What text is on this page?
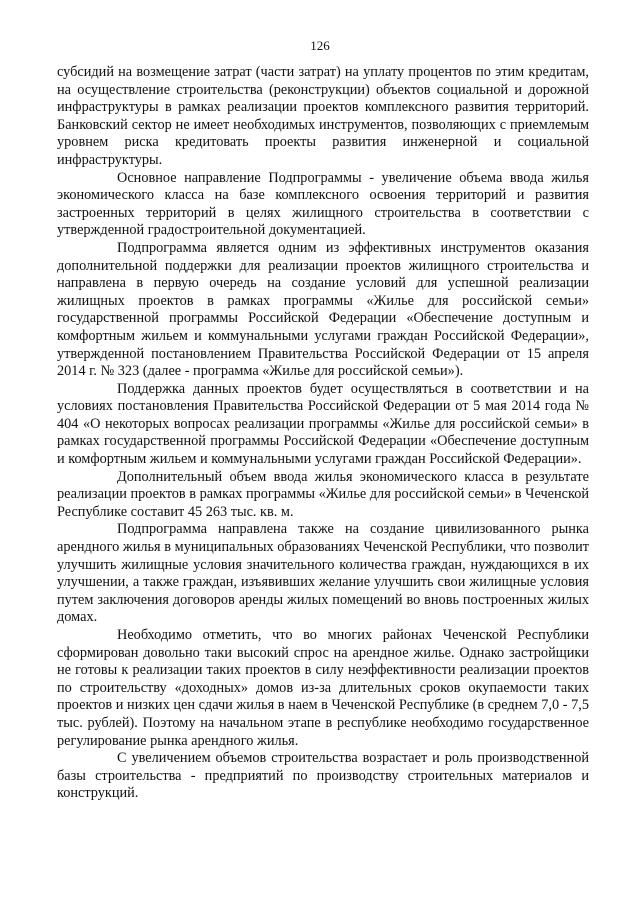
126

субсидий на возмещение затрат (части затрат) на уплату процентов по этим кредитам, на осуществление строительства (реконструкции) объектов социальной и дорожной инфраструктуры в рамках реализации проектов комплексного развития территорий. Банковский сектор не имеет необходимых инструментов, позволяющих с приемлемым уровнем риска кредитовать проекты развития инженерной и социальной инфраструктуры.

Основное направление Подпрограммы - увеличение объема ввода жилья экономического класса на базе комплексного освоения территорий и развития застроенных территорий в целях жилищного строительства в соответствии с утвержденной градостроительной документацией.

Подпрограмма является одним из эффективных инструментов оказания дополнительной поддержки для реализации проектов жилищного строительства и направлена в первую очередь на создание условий для успешной реализации жилищных проектов в рамках программы «Жилье для российской семьи» государственной программы Российской Федерации «Обеспечение доступным и комфортным жильем и коммунальными услугами граждан Российской Федерации», утвержденной постановлением Правительства Российской Федерации от 15 апреля 2014 г. № 323 (далее - программа «Жилье для российской семьи»).

Поддержка данных проектов будет осуществляться в соответствии и на условиях постановления Правительства Российской Федерации от 5 мая 2014 года № 404 «О некоторых вопросах реализации программы «Жилье для российской семьи» в рамках государственной программы Российской Федерации «Обеспечение доступным и комфортным жильем и коммунальными услугами граждан Российской Федерации».

Дополнительный объем ввода жилья экономического класса в результате реализации проектов в рамках программы «Жилье для российской семьи» в Чеченской Республике составит 45 263 тыс. кв. м.

Подпрограмма направлена также на создание цивилизованного рынка арендного жилья в муниципальных образованиях Чеченской Республики, что позволит улучшить жилищные условия значительного количества граждан, нуждающихся в их улучшении, а также граждан, изъявивших желание улучшить свои жилищные условия путем заключения договоров аренды жилых помещений во вновь построенных жилых домах.

Необходимо отметить, что во многих районах Чеченской Республики сформирован довольно таки высокий спрос на арендное жилье. Однако застройщики не готовы к реализации таких проектов в силу неэффективности реализации проектов по строительству «доходных» домов из-за длительных сроков окупаемости таких проектов и низких цен сдачи жилья в наем в Чеченской Республике (в среднем 7,0 - 7,5 тыс. рублей). Поэтому на начальном этапе в республике необходимо государственное регулирование рынка арендного жилья.

С увеличением объемов строительства возрастает и роль производственной базы строительства - предприятий по производству строительных материалов и конструкций.
